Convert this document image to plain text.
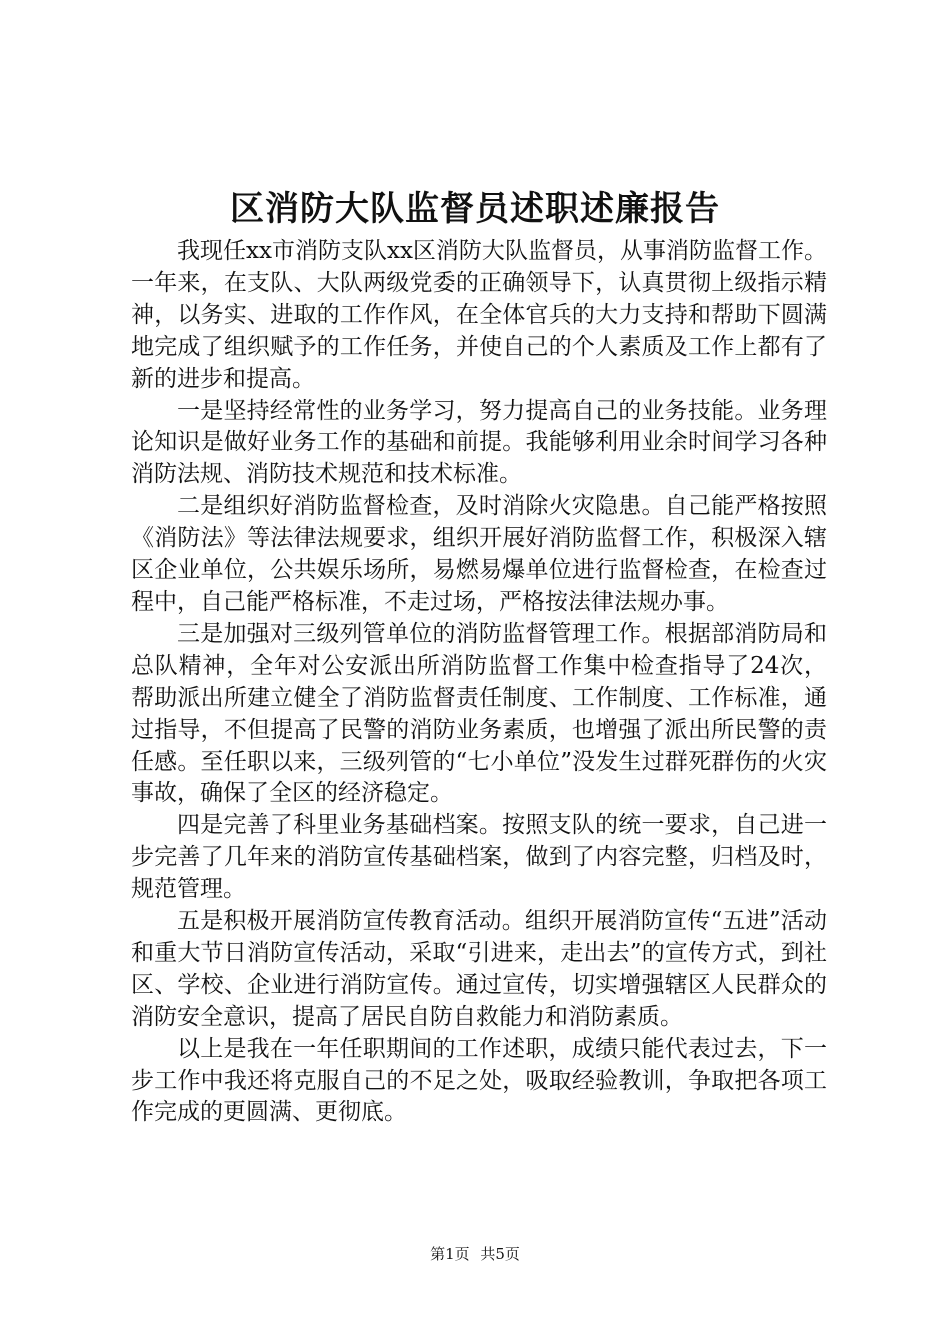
区消防大队监督员述职述廉报告

我现任xx市消防支队xx区消防大队监督员，从事消防监督工作。一年来，在支队、大队两级党委的正确领导下，认真贯彻上级指示精神，以务实、进取的工作作风，在全体官兵的大力支持和帮助下圆满地完成了组织赋予的工作任务，并使自己的个人素质及工作上都有了新的进步和提高。

一是坚持经常性的业务学习，努力提高自己的业务技能。业务理论知识是做好业务工作的基础和前提。我能够利用业余时间学习各种消防法规、消防技术规范和技术标准。

二是组织好消防监督检查，及时消除火灾隐患。自己能严格按照《消防法》等法律法规要求，组织开展好消防监督工作，积极深入辖区企业单位，公共娱乐场所，易燃易爆单位进行监督检查，在检查过程中，自己能严格标准，不走过场，严格按法律法规办事。

三是加强对三级列管单位的消防监督管理工作。根据部消防局和总队精神，全年对公安派出所消防监督工作集中检查指导了24次，帮助派出所建立健全了消防监督责任制度、工作制度、工作标准，通过指导，不但提高了民警的消防业务素质，也增强了派出所民警的责任感。至任职以来，三级列管的“七小单位”没发生过群死群伤的火灾事故，确保了全区的经济稳定。

四是完善了科里业务基础档案。按照支队的统一要求，自己进一步完善了几年来的消防宣传基础档案，做到了内容完整，归档及时，规范管理。

五是积极开展消防宣传教育活动。组织开展消防宣传“五进”活动和重大节日消防宣传活动，采取“引进来，走出去”的宣传方式，到社区、学校、企业进行消防宣传。通过宣传，切实增强辖区人民群众的消防安全意识，提高了居民自防自救能力和消防素质。

以上是我在一年任职期间的工作述职，成绩只能代表过去，下一步工作中我还将克服自己的不足之处，吸取经验教训，争取把各项工作完成的更圆满、更彻底。

第1页 共5页
